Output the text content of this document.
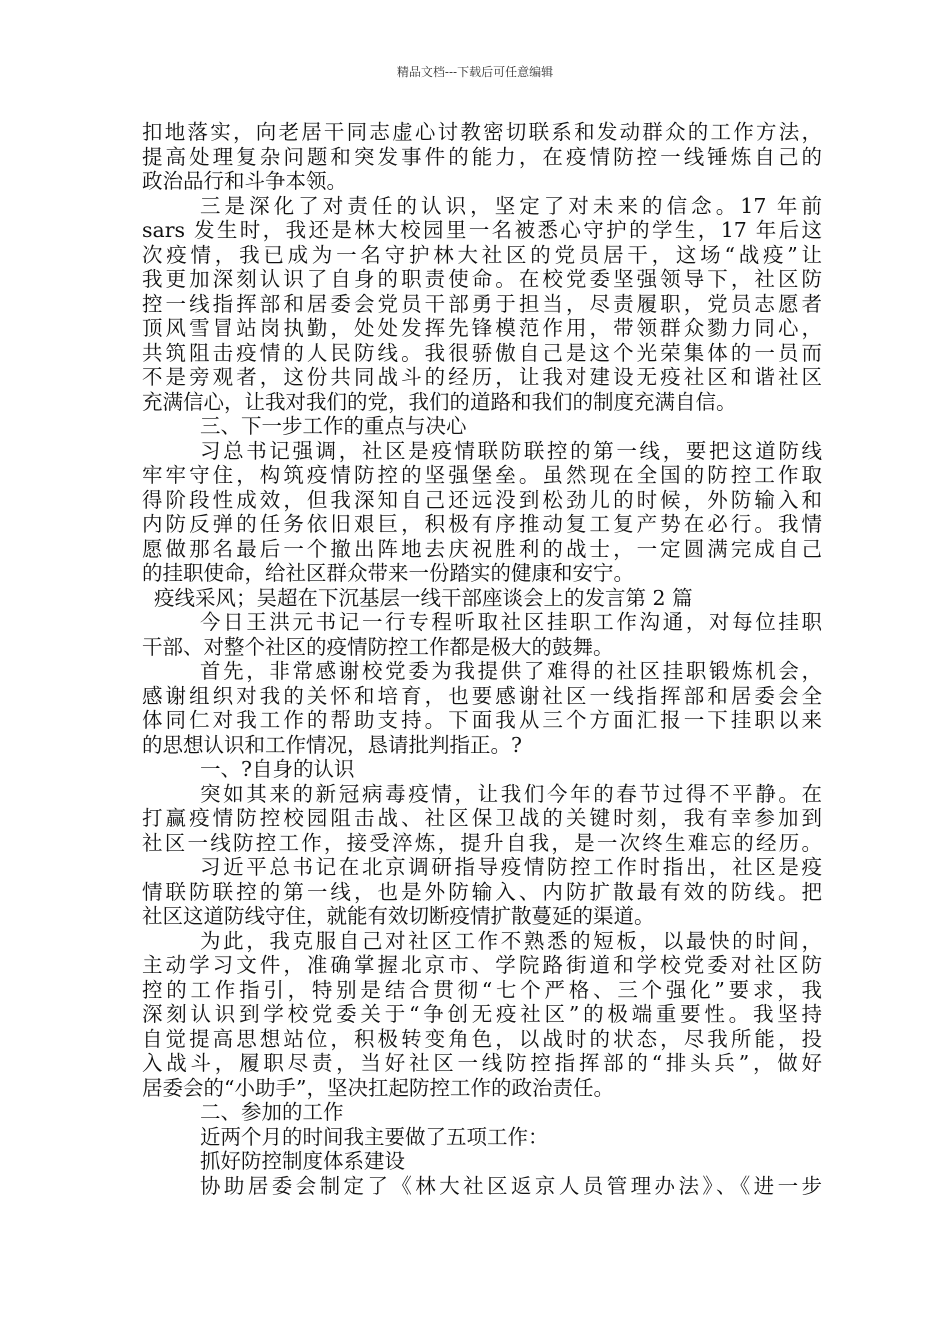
精品文档---下载后可任意编辑
扣地落实，向老居干同志虚心讨教密切联系和发动群众的工作方法，
提高处理复杂问题和突发事件的能力，在疫情防控一线锤炼自己的
政治品行和斗争本领。
三是深化了对责任的认识，坚定了对未来的信念。17 年前
sars 发生时，我还是林大校园里一名被悉心守护的学生，17 年后这
次疫情，我已成为一名守护林大社区的党员居干，这场“战疫”让
我更加深刻认识了自身的职责使命。在校党委坚强领导下，社区防
控一线指挥部和居委会党员干部勇于担当，尽责履职，党员志愿者
顶风雪冒站岗执勤，处处发挥先锋模范作用，带领群众勠力同心，
共筑阻击疫情的人民防线。我很骄傲自己是这个光荣集体的一员而
不是旁观者，这份共同战斗的经历，让我对建设无疫社区和谐社区
充满信心，让我对我们的党，我们的道路和我们的制度充满自信。
三、下一步工作的重点与决心
习总书记强调，社区是疫情联防联控的第一线，要把这道防线
牢牢守住，构筑疫情防控的坚强堡垒。虽然现在全国的防控工作取
得阶段性成效，但我深知自己还远没到松劲儿的时候，外防输入和
内防反弹的任务依旧艰巨，积极有序推动复工复产势在必行。我情
愿做那名最后一个撤出阵地去庆祝胜利的战士，一定圆满完成自己
的挂职使命，给社区群众带来一份踏实的健康和安宁。
疫线采风；吴超在下沉基层一线干部座谈会上的发言第 2 篇
今日王洪元书记一行专程听取社区挂职工作沟通，对每位挂职
干部、对整个社区的疫情防控工作都是极大的鼓舞。
首先，非常感谢校党委为我提供了难得的社区挂职锻炼机会，
感谢组织对我的关怀和培育，也要感谢社区一线指挥部和居委会全
体同仁对我工作的帮助支持。下面我从三个方面汇报一下挂职以来
的思想认识和工作情况，恳请批判指正。?
一、?自身的认识
突如其来的新冠病毒疫情，让我们今年的春节过得不平静。在
打赢疫情防控校园阻击战、社区保卫战的关键时刻，我有幸参加到
社区一线防控工作，接受淬炼，提升自我，是一次终生难忘的经历。
习近平总书记在北京调研指导疫情防控工作时指出，社区是疫
情联防联控的第一线，也是外防输入、内防扩散最有效的防线。把
社区这道防线守住，就能有效切断疫情扩散蔓延的渠道。
为此，我克服自己对社区工作不熟悉的短板，以最快的时间，
主动学习文件，准确掌握北京市、学院路街道和学校党委对社区防
控的工作指引，特别是结合贯彻“七个严格、三个强化”要求，我
深刻认识到学校党委关于“争创无疫社区”的极端重要性。我坚持
自觉提高思想站位，积极转变角色，以战时的状态，尽我所能，投
入战斗，履职尽责，当好社区一线防控指挥部的“排头兵”，做好
居委会的“小助手”，坚决扛起防控工作的政治责任。
二、参加的工作
近两个月的时间我主要做了五项工作：
抓好防控制度体系建设
协助居委会制定了《林大社区返京人员管理办法》、《进一步
